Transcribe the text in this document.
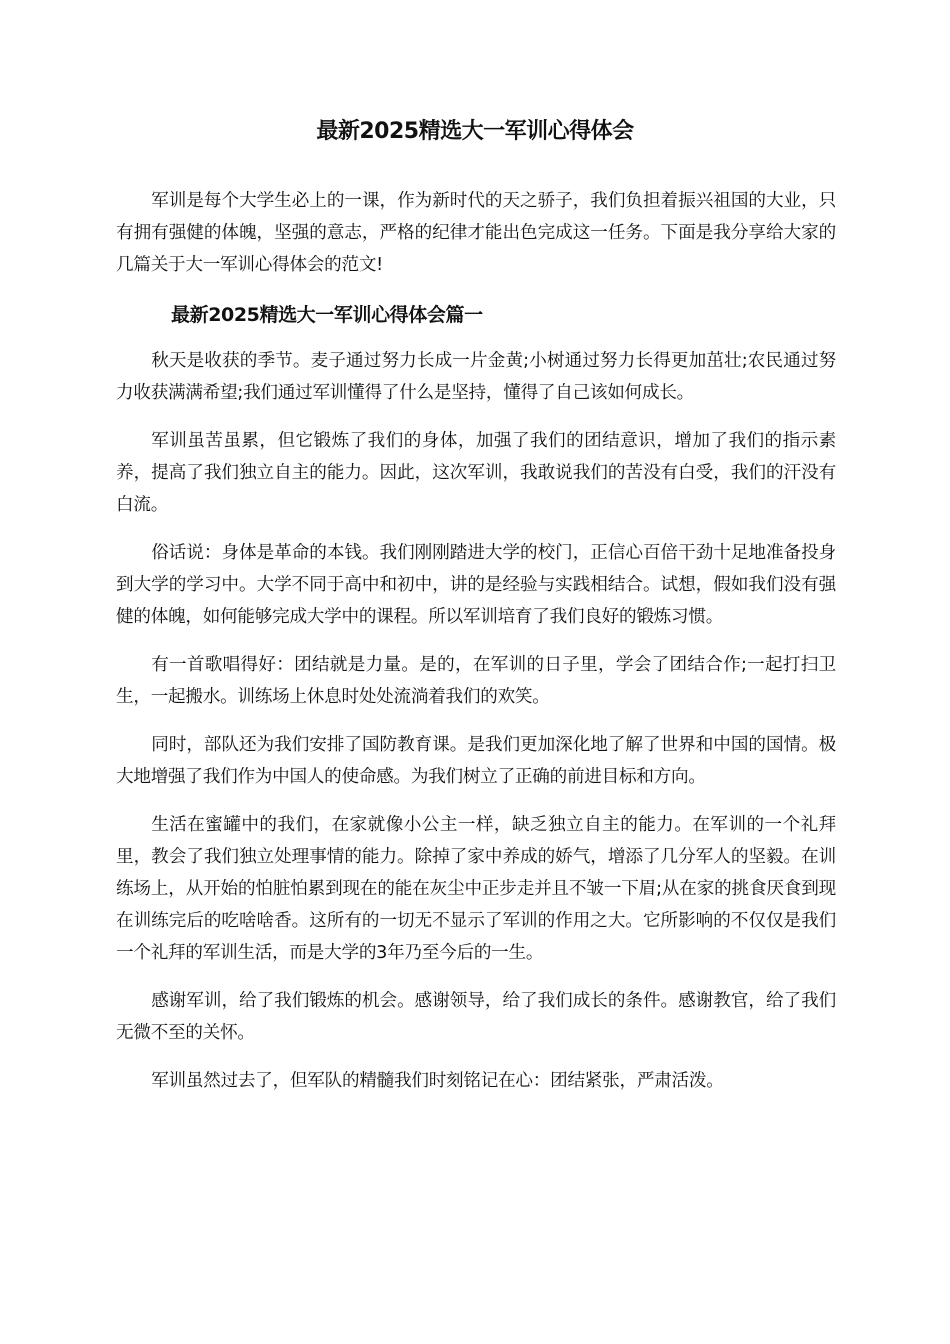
最新2025精选大一军训心得体会

军训是每个大学生必上的一课，作为新时代的天之骄子，我们负担着振兴祖国的大业，只有拥有强健的体魄，坚强的意志，严格的纪律才能出色完成这一任务。下面是我分享给大家的几篇关于大一军训心得体会的范文!

最新2025精选大一军训心得体会篇一

秋天是收获的季节。麦子通过努力长成一片金黄;小树通过努力长得更加茁壮;农民通过努力收获满满希望;我们通过军训懂得了什么是坚持，懂得了自己该如何成长。

军训虽苦虽累，但它锻炼了我们的身体，加强了我们的团结意识，增加了我们的指示素养，提高了我们独立自主的能力。因此，这次军训，我敢说我们的苦没有白受，我们的汗没有白流。

俗话说：身体是革命的本钱。我们刚刚踏进大学的校门，正信心百倍干劲十足地准备投身到大学的学习中。大学不同于高中和初中，讲的是经验与实践相结合。试想，假如我们没有强健的体魄，如何能够完成大学中的课程。所以军训培育了我们良好的锻炼习惯。

有一首歌唱得好：团结就是力量。是的，在军训的日子里，学会了团结合作;一起打扫卫生，一起搬水。训练场上休息时处处流淌着我们的欢笑。

同时，部队还为我们安排了国防教育课。是我们更加深化地了解了世界和中国的国情。极大地增强了我们作为中国人的使命感。为我们树立了正确的前进目标和方向。

生活在蜜罐中的我们，在家就像小公主一样，缺乏独立自主的能力。在军训的一个礼拜里，教会了我们独立处理事情的能力。除掉了家中养成的娇气，增添了几分军人的坚毅。在训练场上，从开始的怕脏怕累到现在的能在灰尘中正步走并且不皱一下眉;从在家的挑食厌食到现在训练完后的吃啥啥香。这所有的一切无不显示了军训的作用之大。它所影响的不仅仅是我们一个礼拜的军训生活，而是大学的3年乃至今后的一生。

感谢军训，给了我们锻炼的机会。感谢领导，给了我们成长的条件。感谢教官，给了我们无微不至的关怀。

军训虽然过去了，但军队的精髓我们时刻铭记在心：团结紧张，严肃活泼。
